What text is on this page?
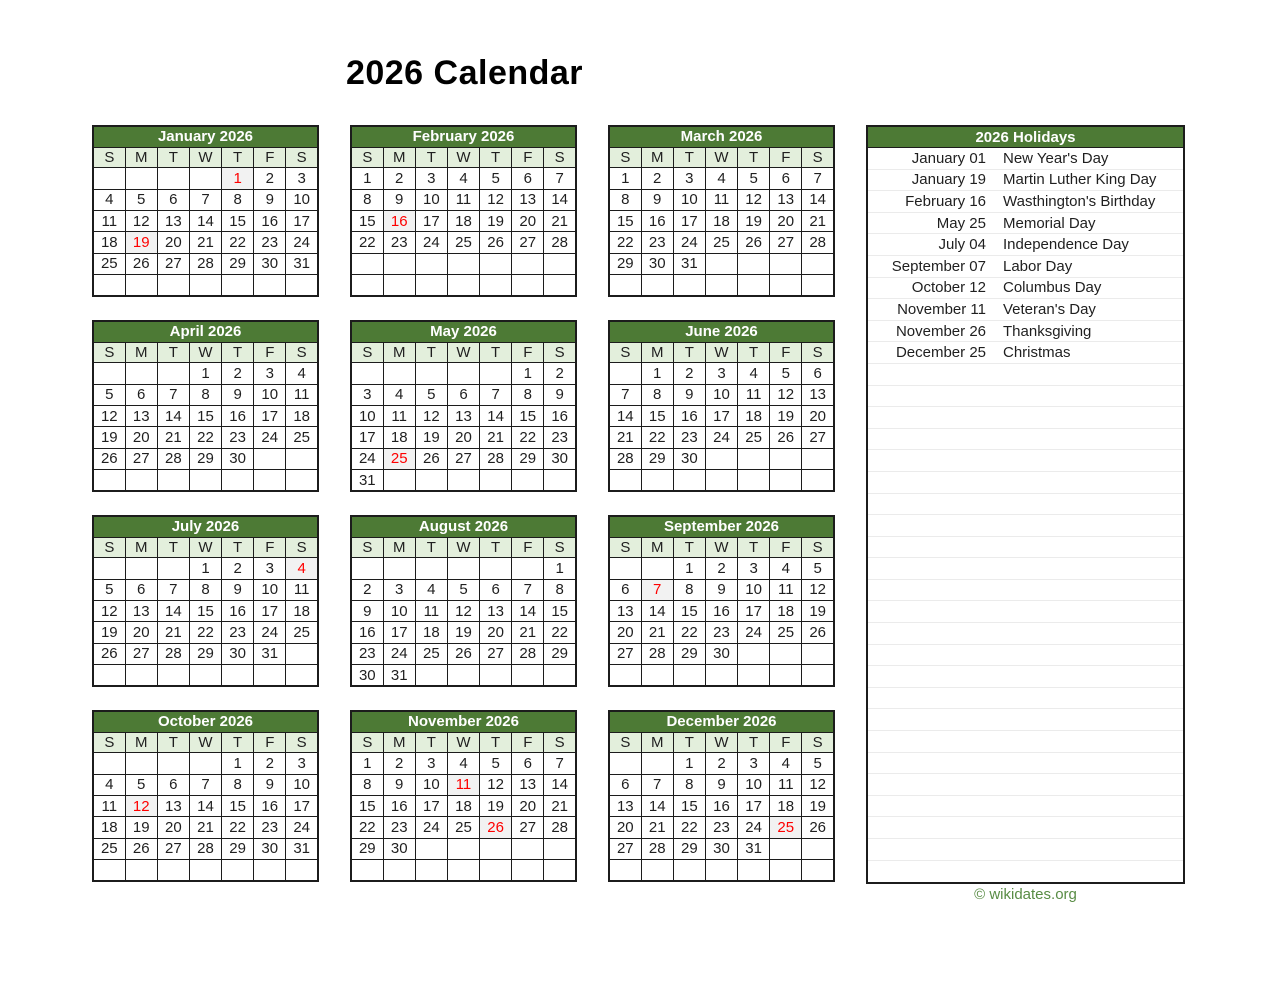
2026 Calendar
January 2026						
S	M	T	W	T	F	S
				1	2	3
4	5	6	7	8	9	10
11	12	13	14	15	16	17
18	19	20	21	22	23	24
25	26	27	28	29	30	31

February 2026						
S	M	T	W	T	F	S
1	2	3	4	5	6	7
8	9	10	11	12	13	14
15	16	17	18	19	20	21
22	23	24	25	26	27	28

March 2026						
S	M	T	W	T	F	S
1	2	3	4	5	6	7
8	9	10	11	12	13	14
15	16	17	18	19	20	21
22	23	24	25	26	27	28
29	30	31				

April 2026						
S	M	T	W	T	F	S
			1	2	3	4
5	6	7	8	9	10	11
12	13	14	15	16	17	18
19	20	21	22	23	24	25
26	27	28	29	30		

May 2026						
S	M	T	W	T	F	S
					1	2
3	4	5	6	7	8	9
10	11	12	13	14	15	16
17	18	19	20	21	22	23
24	25	26	27	28	29	30
31						
June 2026						
S	M	T	W	T	F	S
	1	2	3	4	5	6
7	8	9	10	11	12	13
14	15	16	17	18	19	20
21	22	23	24	25	26	27
28	29	30				

July 2026						
S	M	T	W	T	F	S
			1	2	3	4
5	6	7	8	9	10	11
12	13	14	15	16	17	18
19	20	21	22	23	24	25
26	27	28	29	30	31	

August 2026						
S	M	T	W	T	F	S
						1
2	3	4	5	6	7	8
9	10	11	12	13	14	15
16	17	18	19	20	21	22
23	24	25	26	27	28	29
30	31					
September 2026						
S	M	T	W	T	F	S
		1	2	3	4	5
6	7	8	9	10	11	12
13	14	15	16	17	18	19
20	21	22	23	24	25	26
27	28	29	30			

October 2026						
S	M	T	W	T	F	S
				1	2	3
4	5	6	7	8	9	10
11	12	13	14	15	16	17
18	19	20	21	22	23	24
25	26	27	28	29	30	31

November 2026						
S	M	T	W	T	F	S
1	2	3	4	5	6	7
8	9	10	11	12	13	14
15	16	17	18	19	20	21
22	23	24	25	26	27	28
29	30					

December 2026						
S	M	T	W	T	F	S
		1	2	3	4	5
6	7	8	9	10	11	12
13	14	15	16	17	18	19
20	21	22	23	24	25	26
27	28	29	30	31		

2026 Holidays
January 01 New Year's Day
January 19 Martin Luther King Day
February 16 Wasthington's Birthday
May 25 Memorial Day
July 04 Independence Day
September 07 Labor Day
October 12 Columbus Day
November 11 Veteran's Day
November 26 Thanksgiving
December 25 Christmas
© wikidates.org
